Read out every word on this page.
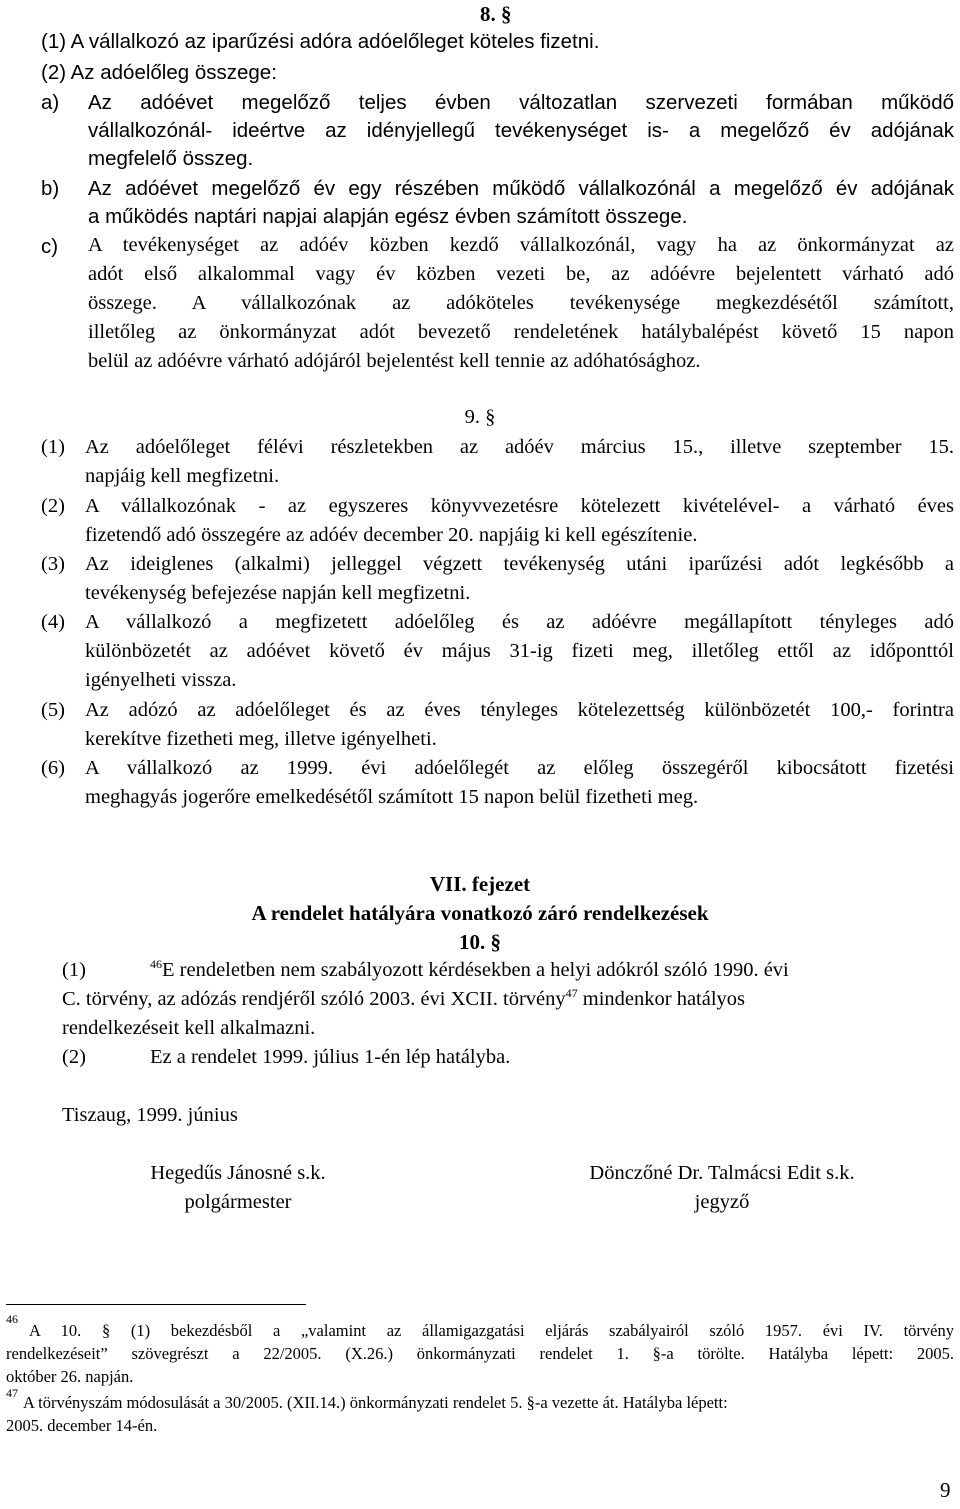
8. §
(1) A vállalkozó az iparűzési adóra adóelőleget köteles fizetni.
(2) Az adóelőleg összege:
a) Az adóévet megelőző teljes évben változatlan szervezeti formában működő
vállalkozónál- ideértve az idényjellegű tevékenységet is- a megelőző év adójának
megfelelő összeg.
b) Az adóévet megelőző év egy részében működő vállalkozónál a megelőző év adójának
a működés naptári napjai alapján egész évben számított összege.
c) A tevékenységet az adóév közben kezdő vállalkozónál, vagy ha az önkormányzat az
adót első alkalommal vagy év közben vezeti be, az adóévre bejelentett várható adó
összege. A vállalkozónak az adóköteles tevékenysége megkezdésétől számított,
illetőleg az önkormányzat adót bevezető rendeletének hatálybalépést követő 15 napon
belül az adóévre várható adójáról bejelentést kell tennie az adóhatósághoz.
9. §
(1) Az adóelőleget félévi részletekben az adóév március 15., illetve szeptember 15.
napjáig kell megfizetni.
(2) A vállalkozónak - az egyszeres könyvvezetésre kötelezett kivételével- a várható éves
fizetendő adó összegére az adóév december 20. napjáig ki kell egészítenie.
(3) Az ideiglenes (alkalmi) jelleggel végzett tevékenység utáni iparűzési adót legkésőbb a
tevékenység befejezése napján kell megfizetni.
(4) A vállalkozó a megfizetett adóelőleg és az adóévre megállapított tényleges adó
különbözetét az adóévet követő év május 31-ig fizeti meg, illetőleg ettől az időponttól
igényelheti vissza.
(5) Az adózó az adóelőleget és az éves tényleges kötelezettség különbözetét 100,- forintra
kerekítve fizetheti meg, illetve igényelheti.
(6) A vállalkozó az 1999. évi adóelőlegét az előleg összegéről kibocsátott fizetési
meghagyás jogerőre emelkedésétől számított 15 napon belül fizetheti meg.
VII. fejezet
A rendelet hatályára vonatkozó záró rendelkezések
10. §
(1)	$^{46}$E rendeletben nem szabályozott kérdésekben a helyi adókról szóló 1990. évi
C. törvény, az adózás rendjéről szóló 2003. évi XCII. törvény$^{47}$ mindenkor hatályos
rendelkezéseit kell alkalmazni.
(2)	Ez a rendelet 1999. július 1-én lép hatályba.
Tiszaug, 1999. június
Hegedűs Jánosné s.k.
polgármester
Dönczőné Dr. Talmácsi Edit s.k.
jegyző
46
A 10. § (1) bekezdésből a „valamint az államigazgatási eljárás szabályairól szóló 1957. évi IV. törvény
rendelkezéseit” szövegrészt a 22/2005. (X.26.) önkormányzati rendelet 1. §-a törölte. Hatályba lépett: 2005.
október 26. napján.
47 A törvényszám módosulását a 30/2005. (XII.14.) önkormányzati rendelet 5. §-a vezette át. Hatályba lépett:
2005. december 14-én.
9
